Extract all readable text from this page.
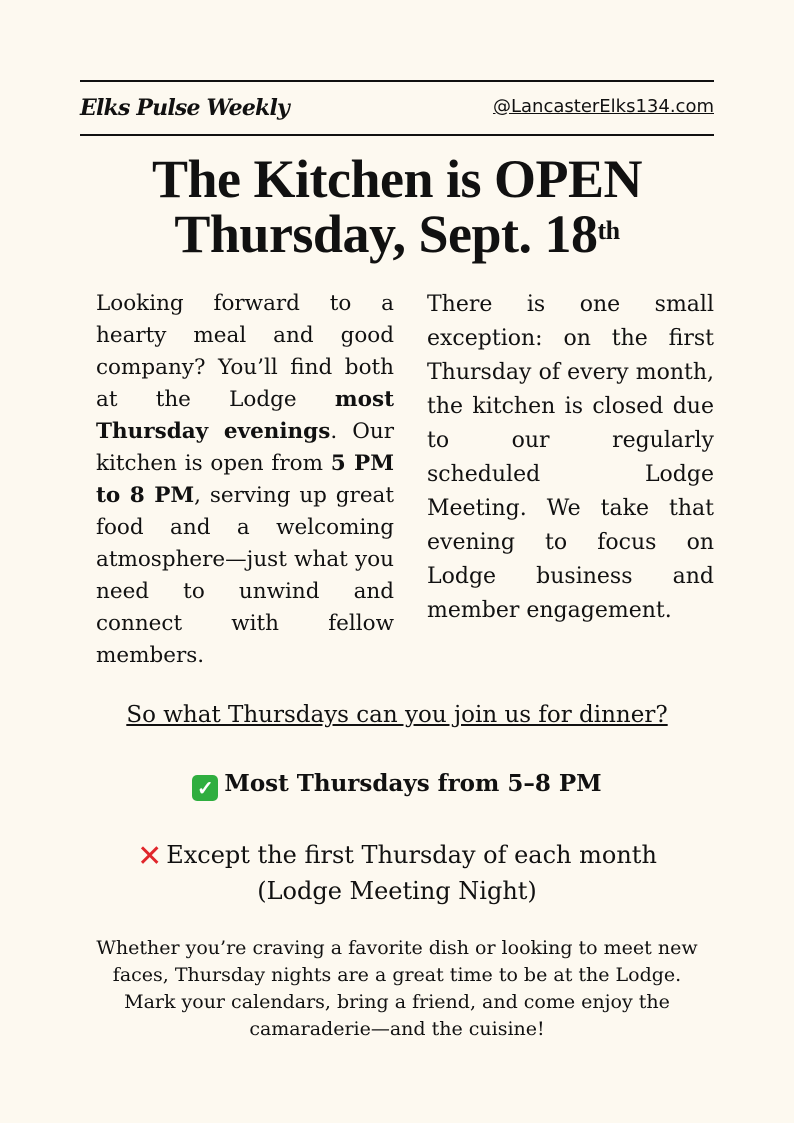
Elks Pulse Weekly	@LancasterElks134.com
The Kitchen is OPEN
Thursday, Sept. 18th
Looking forward to a hearty meal and good company? You’ll find both at the Lodge most Thursday evenings. Our kitchen is open from 5 PM to 8 PM, serving up great food and a welcoming atmosphere—just what you need to unwind and connect with fellow members.
There is one small exception: on the first Thursday of every month, the kitchen is closed due to our regularly scheduled Lodge Meeting. We take that evening to focus on Lodge business and member engagement.
So what Thursdays can you join us for dinner?
✓ Most Thursdays from 5–8 PM
✕ Except the first Thursday of each month
(Lodge Meeting Night)
Whether you’re craving a favorite dish or looking to meet new faces, Thursday nights are a great time to be at the Lodge. Mark your calendars, bring a friend, and come enjoy the camaraderie—and the cuisine!
